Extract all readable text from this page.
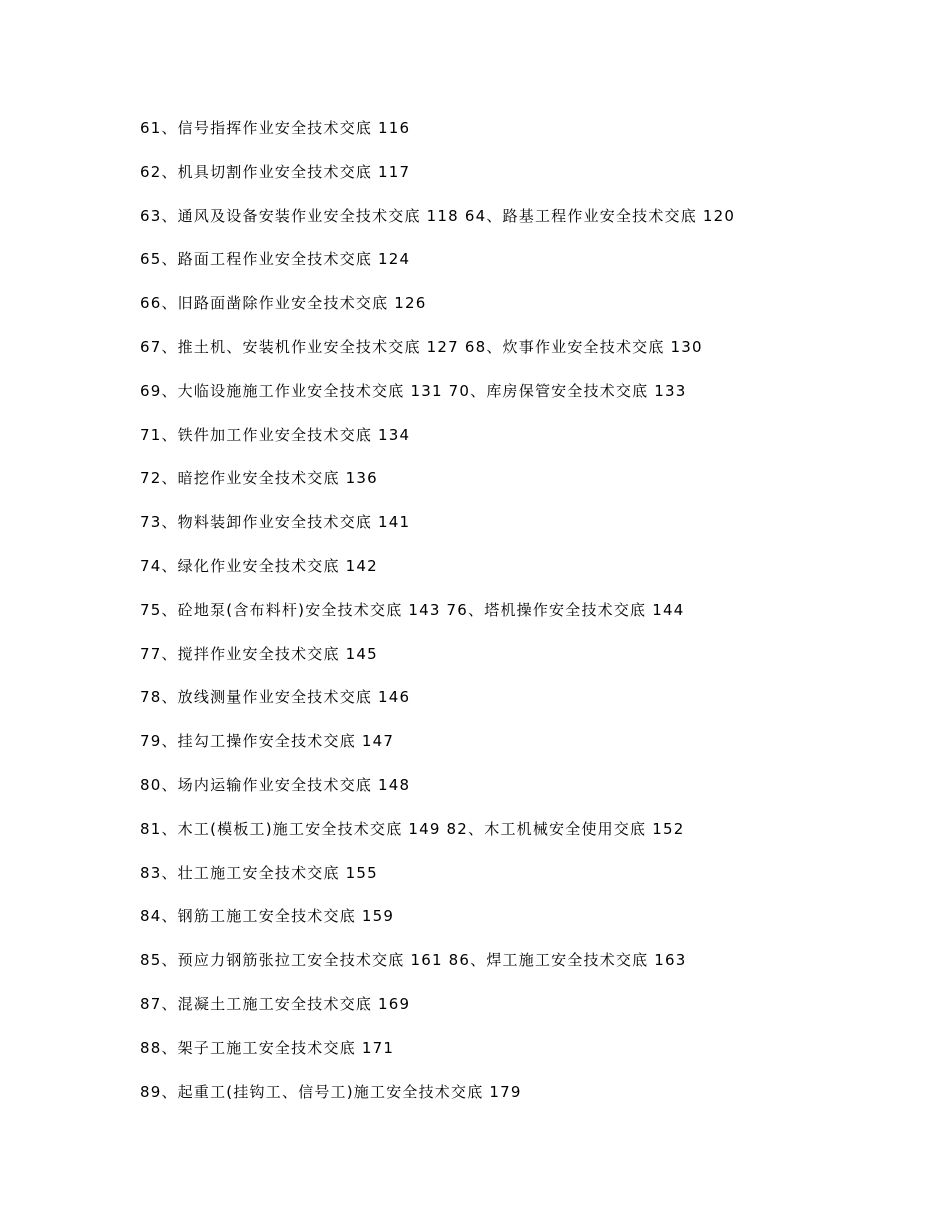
61、信号指挥作业安全技术交底 116
62、机具切割作业安全技术交底 117
63、通风及设备安装作业安全技术交底 118 64、路基工程作业安全技术交底 120
65、路面工程作业安全技术交底 124
66、旧路面凿除作业安全技术交底 126
67、推土机、安装机作业安全技术交底 127 68、炊事作业安全技术交底 130
69、大临设施施工作业安全技术交底 131 70、库房保管安全技术交底 133
71、铁件加工作业安全技术交底 134
72、暗挖作业安全技术交底 136
73、物料装卸作业安全技术交底 141
74、绿化作业安全技术交底 142
75、砼地泵(含布料杆)安全技术交底 143 76、塔机操作安全技术交底 144
77、搅拌作业安全技术交底 145
78、放线测量作业安全技术交底 146
79、挂勾工操作安全技术交底 147
80、场内运输作业安全技术交底 148
81、木工(模板工)施工安全技术交底 149 82、木工机械安全使用交底 152
83、壮工施工安全技术交底 155
84、钢筋工施工安全技术交底 159
85、预应力钢筋张拉工安全技术交底 161 86、焊工施工安全技术交底 163
87、混凝土工施工安全技术交底 169
88、架子工施工安全技术交底 171
89、起重工(挂钩工、信号工)施工安全技术交底 179
